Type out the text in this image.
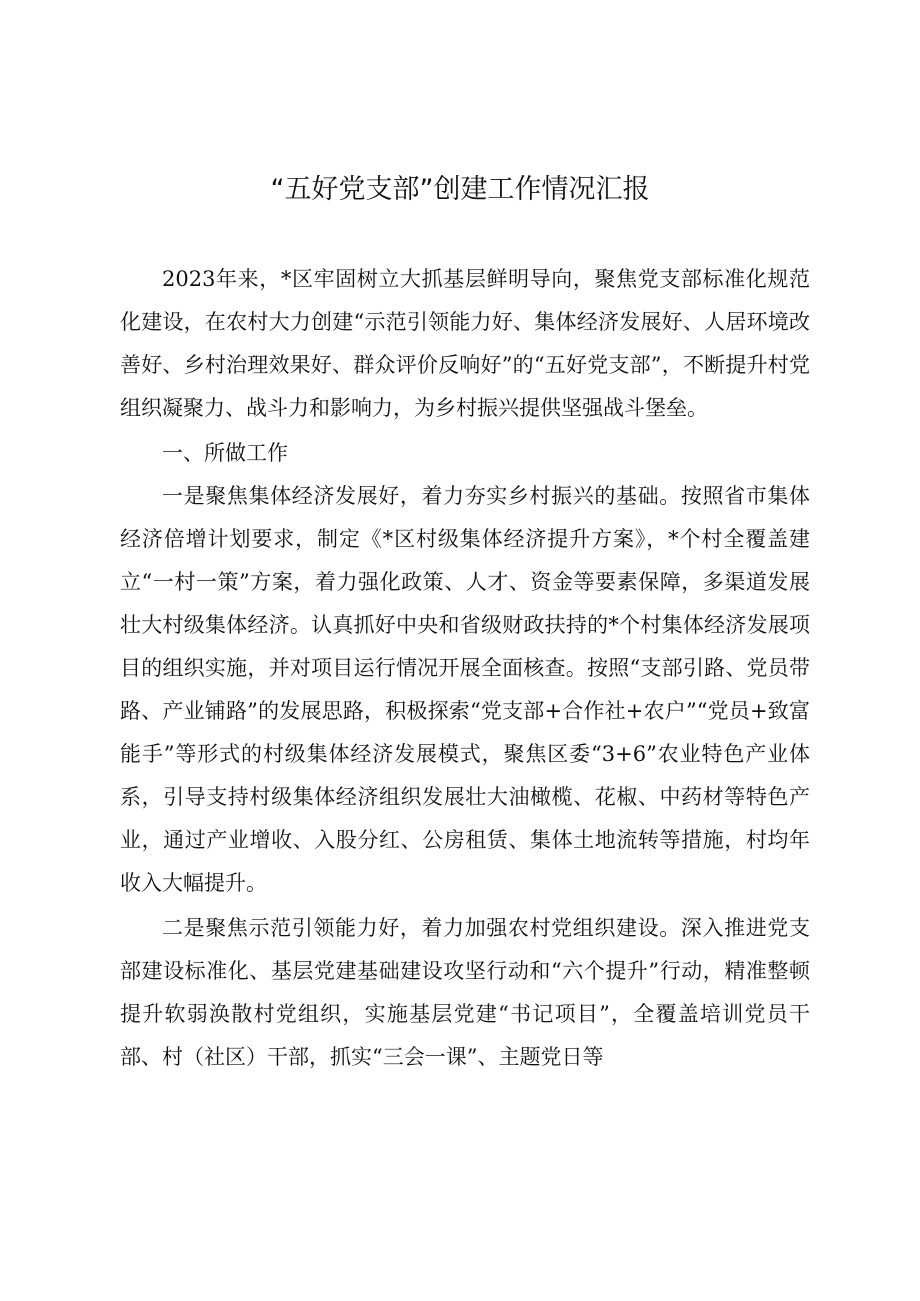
“五好党支部”创建工作情况汇报

2023年来，*区牢固树立大抓基层鲜明导向，聚焦党支部标准化规范化建设，在农村大力创建“示范引领能力好、集体经济发展好、人居环境改善好、乡村治理效果好、群众评价反响好”的“五好党支部”，不断提升村党组织凝聚力、战斗力和影响力，为乡村振兴提供坚强战斗堡垒。

一、所做工作

一是聚焦集体经济发展好，着力夯实乡村振兴的基础。按照省市集体经济倍增计划要求，制定《*区村级集体经济提升方案》，*个村全覆盖建立“一村一策”方案，着力强化政策、人才、资金等要素保障，多渠道发展壮大村级集体经济。认真抓好中央和省级财政扶持的*个村集体经济发展项目的组织实施，并对项目运行情况开展全面核查。按照“支部引路、党员带路、产业铺路”的发展思路，积极探索“党支部+合作社+农户”“党员+致富能手”等形式的村级集体经济发展模式，聚焦区委“3+6”农业特色产业体系，引导支持村级集体经济组织发展壮大油橄榄、花椒、中药材等特色产业，通过产业增收、入股分红、公房租赁、集体土地流转等措施，村均年收入大幅提升。

二是聚焦示范引领能力好，着力加强农村党组织建设。深入推进党支部建设标准化、基层党建基础建设攻坚行动和“六个提升”行动，精准整顿提升软弱涣散村党组织，实施基层党建“书记项目”，全覆盖培训党员干部、村（社区）干部，抓实“三会一课”、主题党日等
